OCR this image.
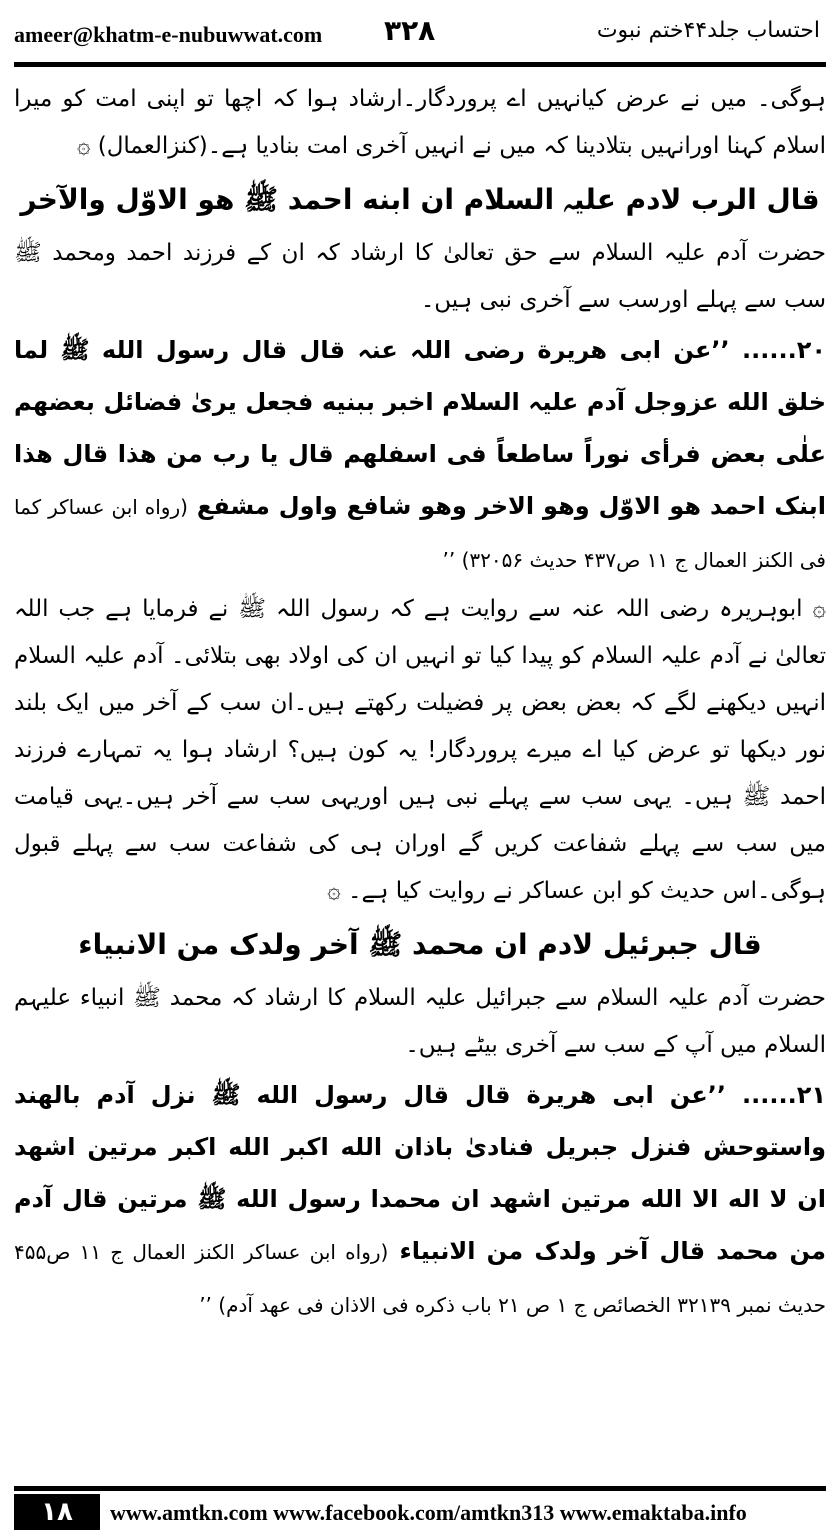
ameer@khatm-e-nubuwwat.com ۳۲۸	احتساب جلد۴۴ختم نبوت

ہوگی۔ میں نے عرض کیانہیں اے پروردگار۔ارشاد ہوا کہ اچھا تو اپنی امت کو میرا اسلام کہنا اورانہیں بتلادینا کہ میں نے انہیں آخری امت بنادیا ہے۔(کنزالعمال) ۞

قال الرب لادم علیہ السلام ان ابنه احمد ﷺ هو الاوّل والآخر

حضرت آدم علیہ السلام سے حق تعالیٰ کا ارشاد کہ ان کے فرزند احمد ومحمد ﷺ سب سے پہلے اورسب سے آخری نبی ہیں۔

۲۰...... ’’عن ابی هريرة رضی اللہ عنہ قال قال رسول الله ﷺ لما خلق الله عزوجل آدم علیہ السلام اخبر ببنيه فجعل يرىٰ فضائل بعضهم علٰى بعض فرأى نوراً ساطعاً فى اسفلهم قال يا رب من هذا قال هذا ابنک احمد هو الاوّل وهو الاخر وهو شافع واول مشفع (رواه ابن عساكر كما فى الكنز العمال ج ۱۱ ص۴۳۷ حديث ۳۲۰۵۶) ’’

۞ ابوہریرہ رضی اللہ عنہ سے روایت ہے کہ رسول اللہ ﷺ نے فرمایا ہے جب اللہ تعالیٰ نے آدم علیہ السلام کو پیدا کیا تو انہیں ان کی اولاد بھی بتلائی۔ آدم علیہ السلام انہیں دیکھنے لگے کہ بعض بعض پر فضیلت رکھتے ہیں۔ان سب کے آخر میں ایک بلند نور دیکھا تو عرض کیا اے میرے پروردگار! یہ کون ہیں؟ ارشاد ہوا یہ تمہارے فرزند احمد ﷺ ہیں۔ یہی سب سے پہلے نبی ہیں اوریہی سب سے آخر ہیں۔یہی قیامت میں سب سے پہلے شفاعت کریں گے اوران ہی کی شفاعت سب سے پہلے قبول ہوگی۔اس حدیث کو ابن عساکر نے روایت کیا ہے۔ ۞

قال جبرئيل لادم ان محمد ﷺ آخر ولدک من الانبياء

حضرت آدم علیہ السلام سے جبرائیل علیہ السلام کا ارشاد کہ محمد ﷺ انبیاء علیہم السلام میں آپ کے سب سے آخری بیٹے ہیں۔

۲۱...... ’’عن ابی هريرة قال قال رسول الله ﷺ نزل آدم بالهند واستوحش فنزل جبريل فنادىٰ باذان الله اكبر الله اكبر مرتين اشهد ان لا اله الا الله مرتين اشهد ان محمدا رسول الله ﷺ مرتين قال آدم من محمد قال آخر ولدک من الانبياء (رواه ابن عساكر الكنز العمال ج ۱۱ ص۴۵۵ حديث نمبر ۳۲۱۳۹ الخصائص ج ۱ ص ۲۱ باب ذكره فى الاذان فى عهد آدم) ’’

۱۸	www.amtkn.com www.facebook.com/amtkn313 www.emaktaba.info
